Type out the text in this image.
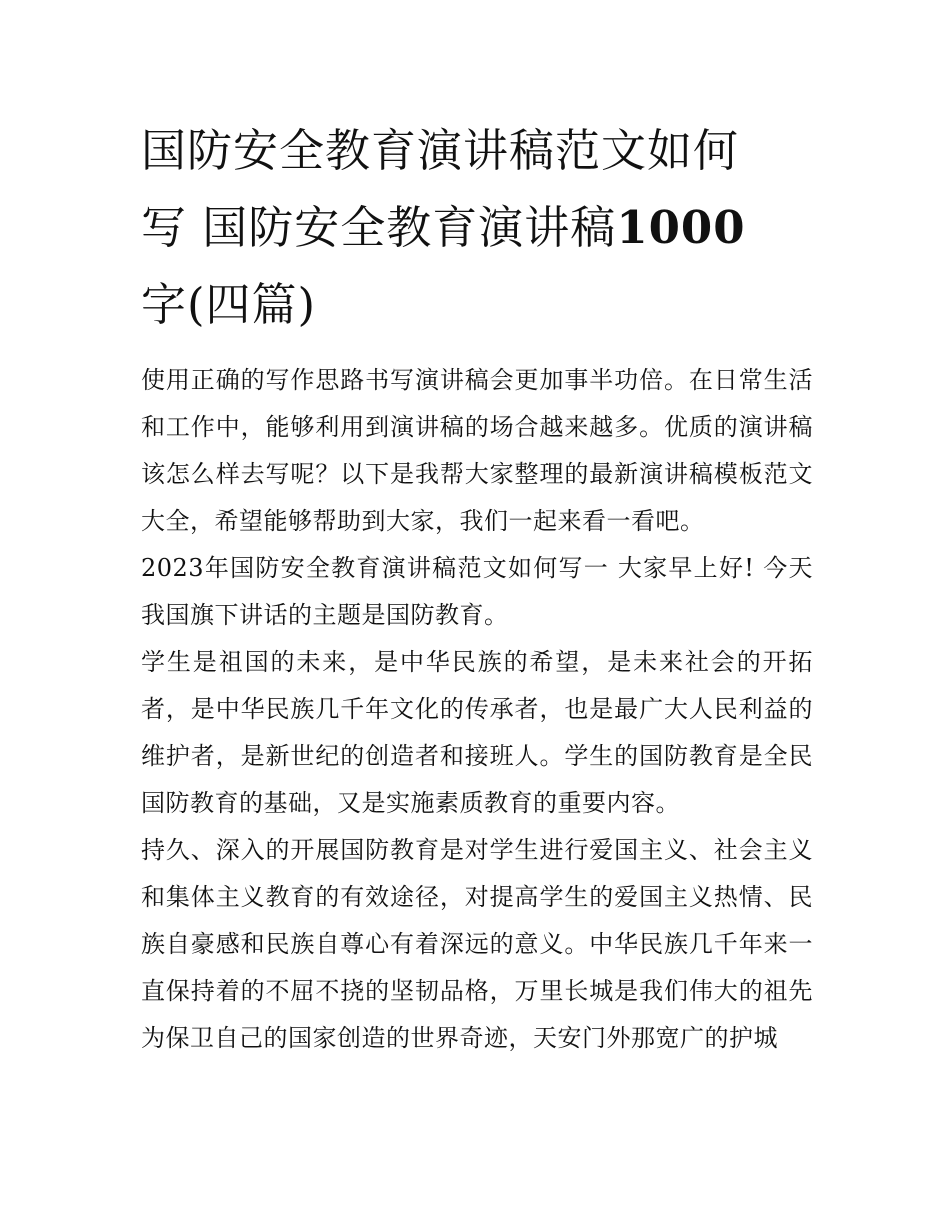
国防安全教育演讲稿范文如何
写 国防安全教育演讲稿1000
字(四篇)

使用正确的写作思路书写演讲稿会更加事半功倍。在日常生活和工作中，能够利用到演讲稿的场合越来越多。优质的演讲稿该怎么样去写呢？以下是我帮大家整理的最新演讲稿模板范文大全，希望能够帮助到大家，我们一起来看一看吧。

2023年国防安全教育演讲稿范文如何写一 大家早上好! 今天我国旗下讲话的主题是国防教育。

学生是祖国的未来，是中华民族的希望，是未来社会的开拓者，是中华民族几千年文化的传承者，也是最广大人民利益的维护者，是新世纪的创造者和接班人。学生的国防教育是全民国防教育的基础，又是实施素质教育的重要内容。

持久、深入的开展国防教育是对学生进行爱国主义、社会主义和集体主义教育的有效途径，对提高学生的爱国主义热情、民族自豪感和民族自尊心有着深远的意义。中华民族几千年来一直保持着的不屈不挠的坚韧品格，万里长城是我们伟大的祖先为保卫自己的国家创造的世界奇迹，天安门外那宽广的护城
